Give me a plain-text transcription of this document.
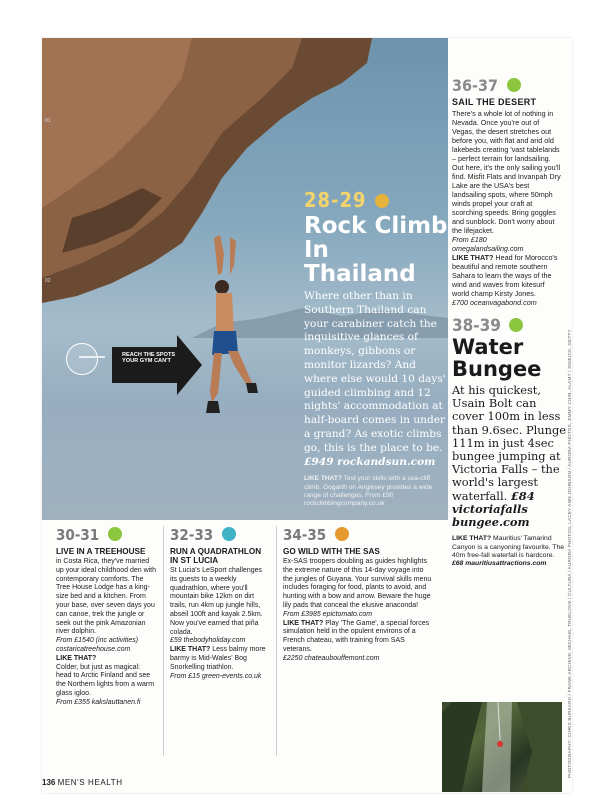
REACH THE SPOTS YOUR GYM CAN'T
28-29
Rock Climb In Thailand
Where other than in Southern Thailand can your carabiner catch the inquisitive glances of monkeys, gibbons or monitor lizards? And where else would 10 days' guided climbing and 12 nights' accommodation at half-board comes in under a grand? As exotic climbs go, this is the place to be. £949 rockandsun.com
LIKE THAT? Test your skills with a sea-cliff climb. Gogarth on Anglesey provides a wide range of challenges. From £90 rockclimbingcompany.co.uk
01
02
36-37
SAIL THE DESERT
There's a whole lot of nothing in Nevada. Once you're out of Vegas, the desert stretches out before you, with flat and arid old lakebeds creating 'vast tablelands – perfect terrain for landsailing. Out here, it's the only sailing you'll find. Misfit Flats and Invanpah Dry Lake are the USA's best landsailing spots, where 50mph winds propel your craft at scorching speeds. Bring goggles and sunblock. Don't worry about the lifejacket.
From £180
omegalandsailing.com
LIKE THAT? Head for Morocco's beautiful and remote southern Sahara to learn the ways of the wind and waves from kitesurf world champ Kirsty Jones.
£700 oceanvagabond.com
38-39
Water Bungee
At his quickest, Usain Bolt can cover 100m in less than 9.6sec. Plunge 111m in just 4sec bungee jumping at Victoria Falls – the world's largest waterfall. £84 victoriafalls bungee.com
LIKE THAT? Mauritius' Tamarind Canyon is a canyoning favourite. The 40m free-fall waterfall is hardcore.
£68 mauritiusattractions.com	PHOTOGRAPHY: CHRIS BURKARD / FRANK ARCHIVE, MICHAEL TRUELOVE / CULTURA / AURORA PHOTOS, LACEY ANN JOHNSON / AURORA PHOTOS, JIMMY CHIN, ALAMY / 3SMUCK, GETTY
30-31
LIVE IN A TREEHOUSE
in Costa Rica, they've married up your ideal childhood den with contemporary comforts. The Tree House Lodge has a king-size bed and a kitchen. From your base, over seven days you can canoe, trek the jungle or seek out the pink Amazonian river dolphin.
From £1540 (inc activities) costaricatreehouse.com
LIKE THAT?
Colder, but just as magical: head to Arctic Finland and see the Northern lights from a warm glass igloo.
From £355 kakslauttanen.fi
32-33
RUN A QUADRATHLON IN ST LUCIA
St Lucia's LeSport challenges its guests to a weekly quadrathlon, where you'll mountain bike 12km on dirt trails, run 4km up jungle hills, abseil 100ft and kayak 2.5km. Now you've earned that piña colada.
£59 thebodyholiday.com
LIKE THAT? Less balmy more barmy is Mid-Wales' Bog Snorkelling triathlon.
From £15 green-events.co.uk
34-35
GO WILD WITH THE SAS
Ex-SAS troopers doubling as guides highlights the extreme nature of this 14-day voyage into the jungles of Guyana. Your survival skills menu includes foraging for food, plants to avoid, and hunting with a bow and arrow. Beware the huge lily pads that conceal the elusive anaconda!
From £3985 epictomato.com
LIKE THAT? Play 'The Game', a special forces simulation held in the opulent environs of a French chateau, with training from SAS veterans.
£2250 chateaubouffemont.com
136 MEN'S HEALTH
